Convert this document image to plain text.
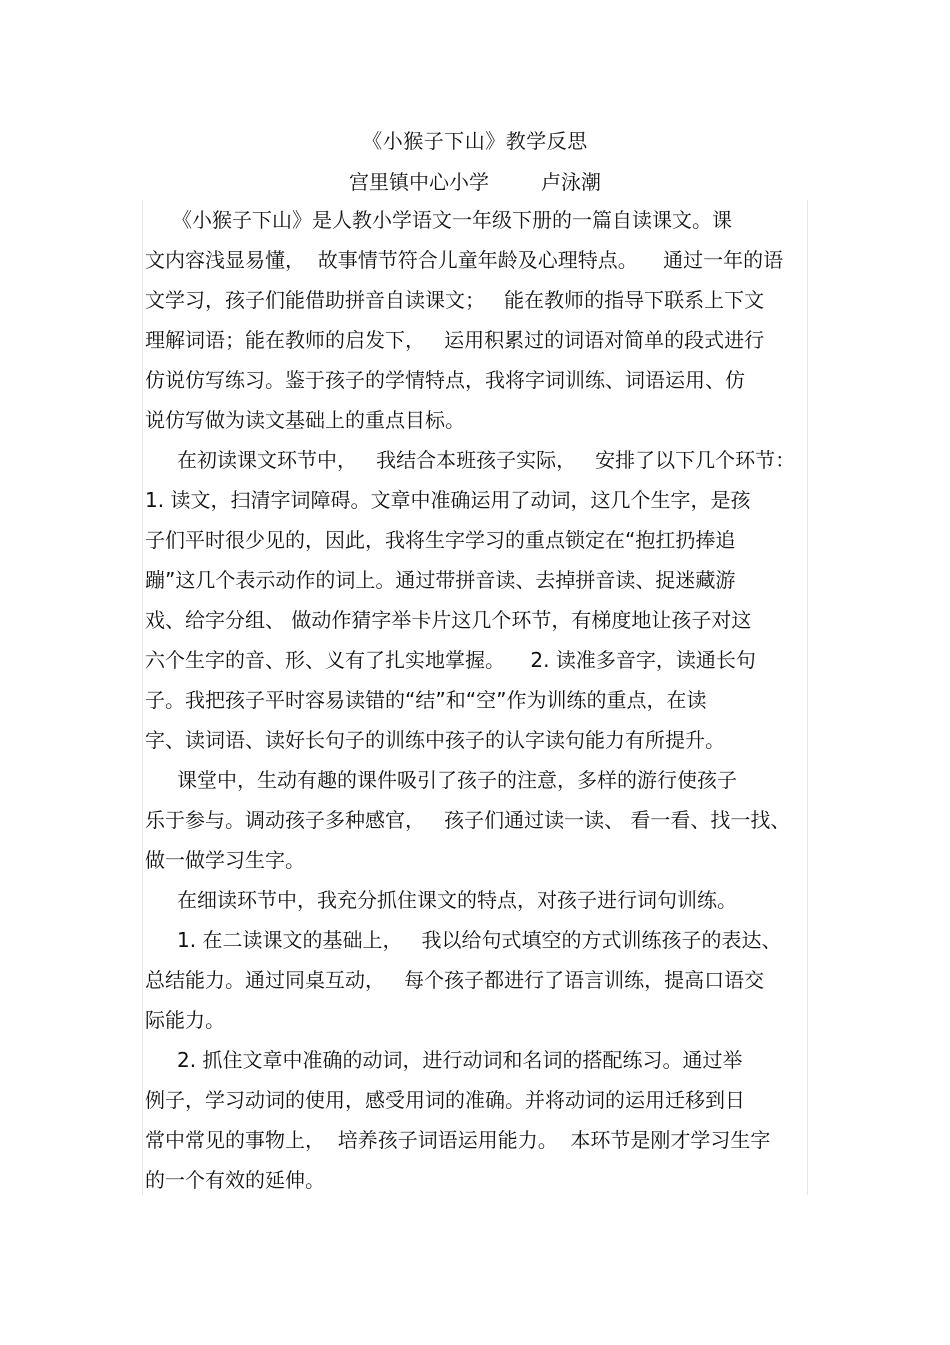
《小猴子下山》教学反思
宫里镇中心小学	卢泳潮
《小猴子下山》是人教小学语文一年级下册的一篇自读课文。课
文内容浅显易懂，  故事情节符合儿童年龄及心理特点。    通过一年的语
文学习，孩子们能借助拼音自读课文；   能在教师的指导下联系上下文
理解词语；能在教师的启发下，   运用积累过的词语对简单的段式进行
仿说仿写练习。鉴于孩子的学情特点，我将字词训练、词语运用、仿
说仿写做为读文基础上的重点目标。
在初读课文环节中，   我结合本班孩子实际，   安排了以下几个环节：
1. 读文，扫清字词障碍。文章中准确运用了动词，这几个生字，是孩
子们平时很少见的，因此，我将生字学习的重点锁定在“抱扛扔捧追
蹦”这几个表示动作的词上。通过带拼音读、去掉拼音读、捉迷藏游
戏、给字分组、 做动作猜字举卡片这几个环节，有梯度地让孩子对这
六个生字的音、形、义有了扎实地掌握。    2. 读准多音字，读通长句
子。我把孩子平时容易读错的“结”和“空”作为训练的重点，在读
字、读词语、读好长句子的训练中孩子的认字读句能力有所提升。
课堂中，生动有趣的课件吸引了孩子的注意，多样的游行使孩子
乐于参与。调动孩子多种感官，   孩子们通过读一读、 看一看、找一找、
做一做学习生字。
在细读环节中，我充分抓住课文的特点，对孩子进行词句训练。
1. 在二读课文的基础上，   我以给句式填空的方式训练孩子的表达、
总结能力。通过同桌互动，   每个孩子都进行了语言训练，提高口语交
际能力。
2. 抓住文章中准确的动词，进行动词和名词的搭配练习。通过举
例子，学习动词的使用，感受用词的准确。并将动词的运用迁移到日
常中常见的事物上，  培养孩子词语运用能力。  本环节是刚才学习生字
的一个有效的延伸。
